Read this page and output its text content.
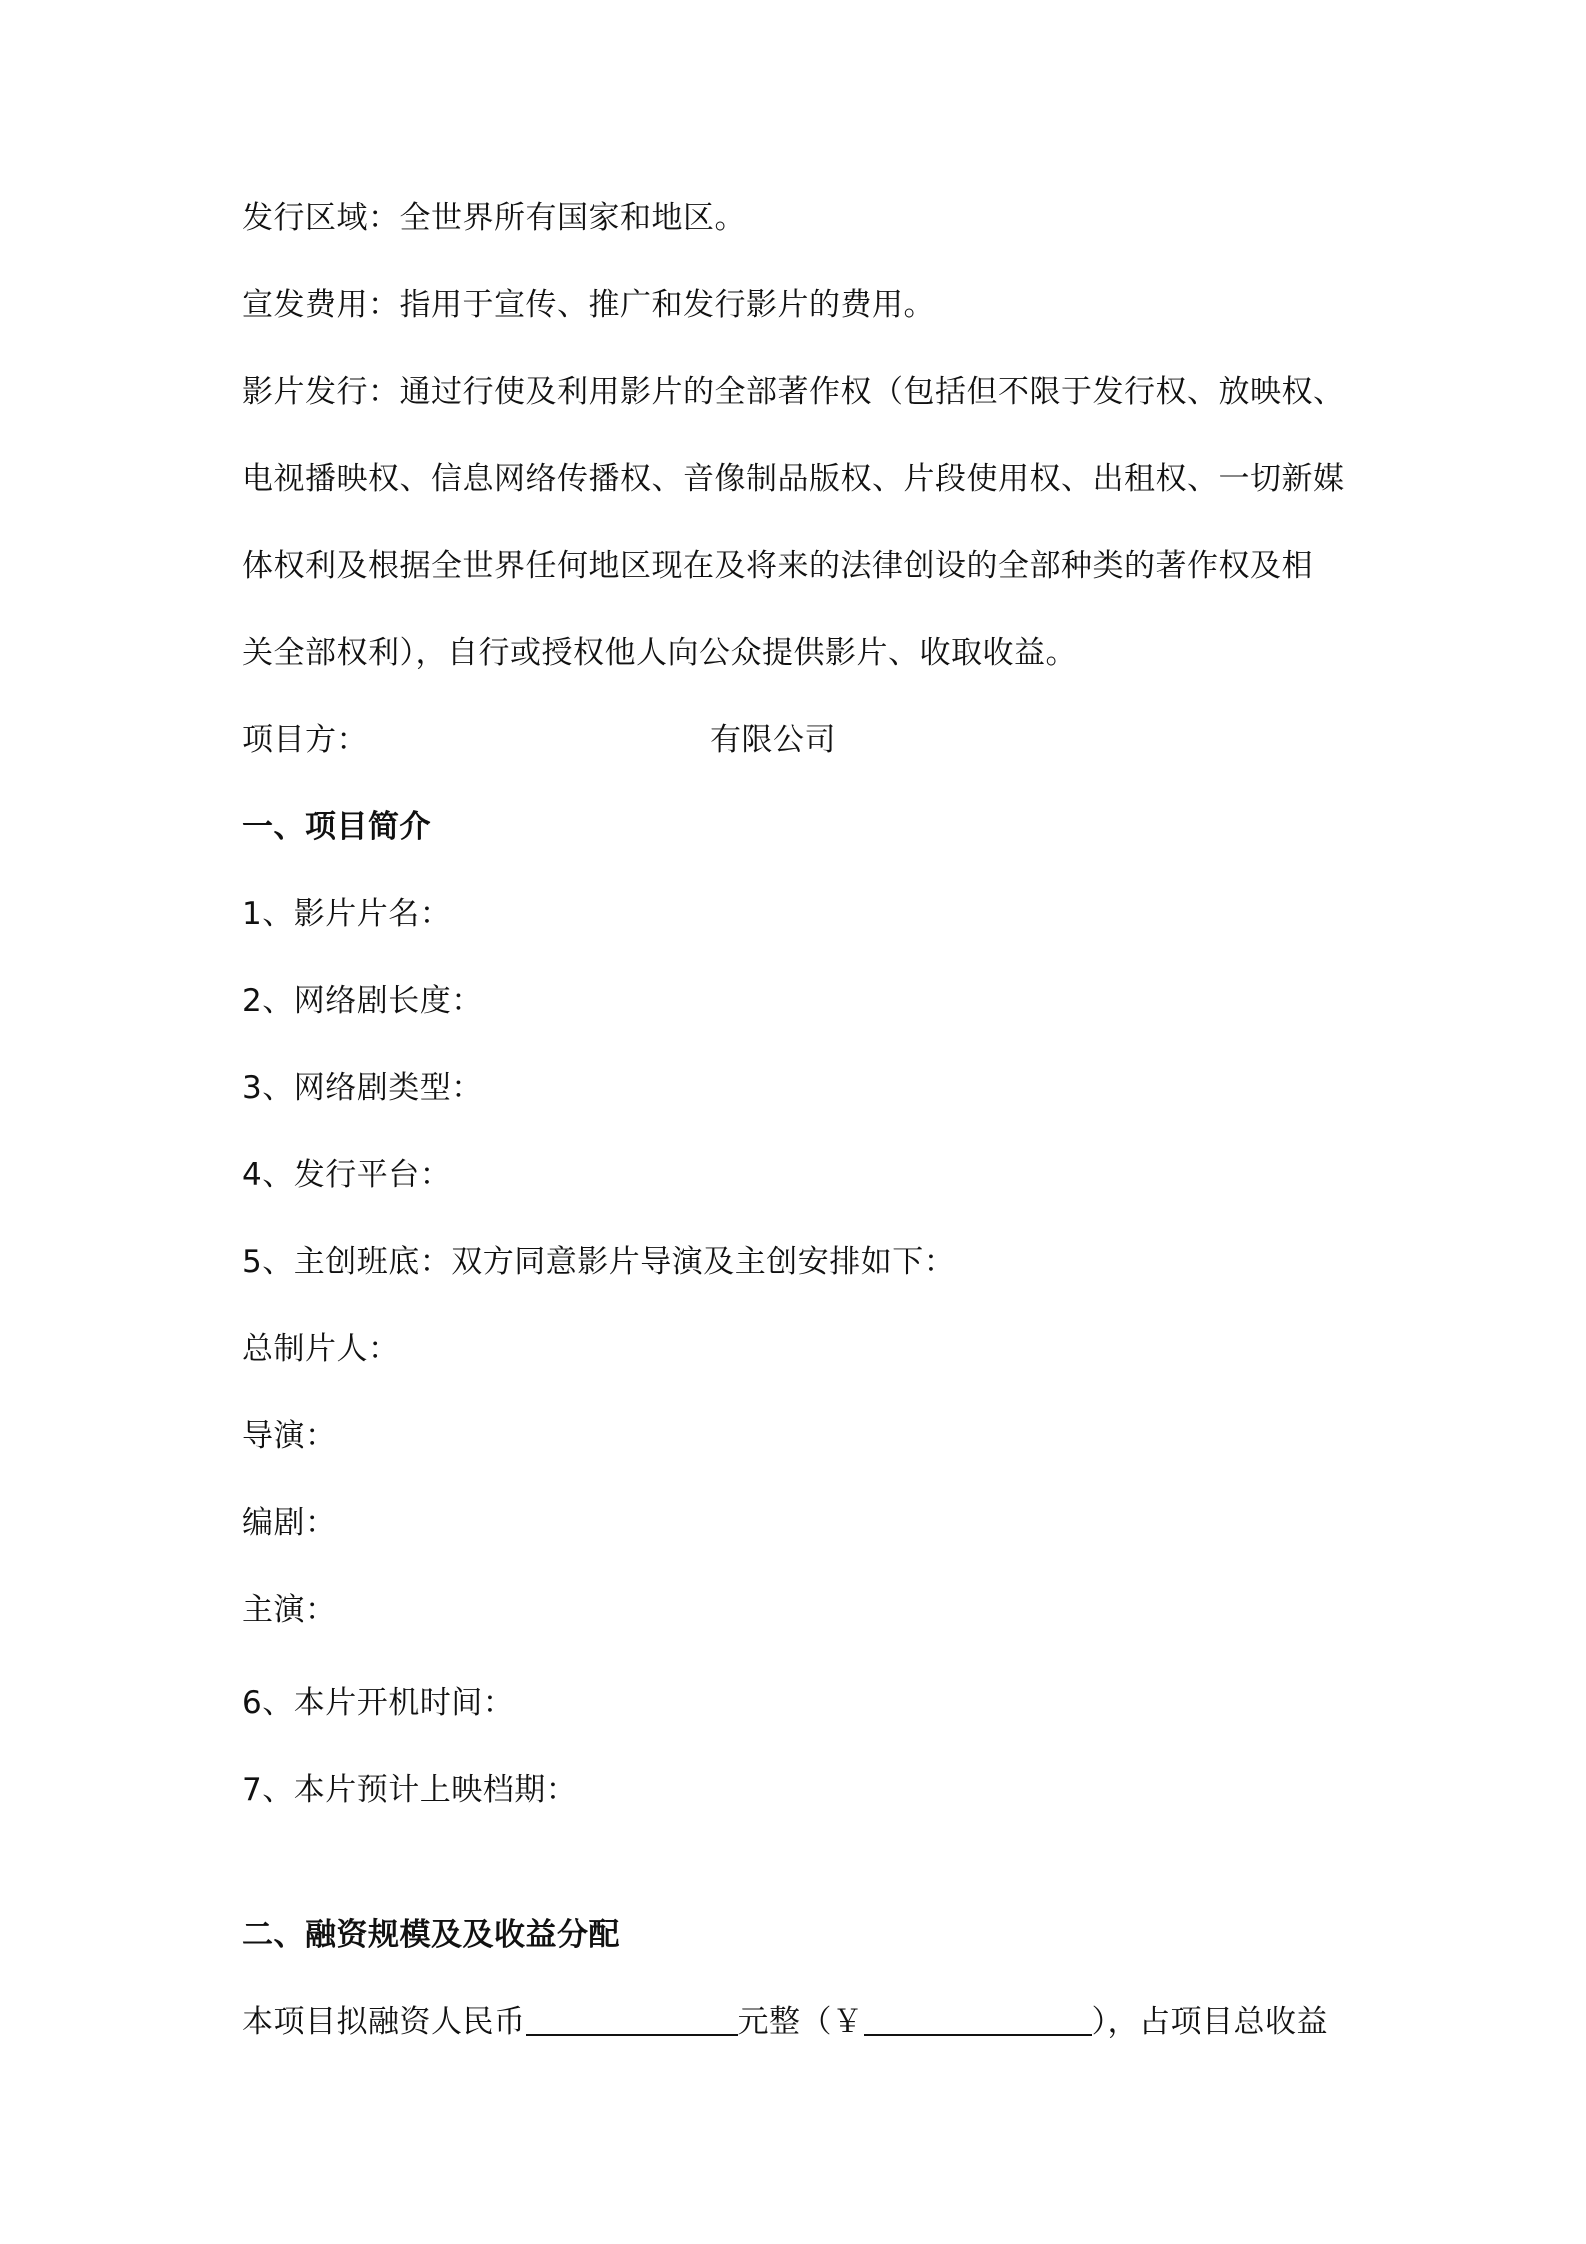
发行区域：全世界所有国家和地区。
宣发费用：指用于宣传、推广和发行影片的费用。
影片发行：通过行使及利用影片的全部著作权（包括但不限于发行权、放映权、
电视播映权、信息网络传播权、音像制品版权、片段使用权、出租权、一切新媒
体权利及根据全世界任何地区现在及将来的法律创设的全部种类的著作权及相
关全部权利），自行或授权他人向公众提供影片、收取收益。
项目方：	有限公司
一、项目简介
1、影片片名：
2、网络剧长度：
3、网络剧类型：
4、发行平台：
5、主创班底：双方同意影片导演及主创安排如下：
总制片人：
导演：
编剧：
主演：
6、本片开机时间：
7、本片预计上映档期：
二、融资规模及及收益分配
本项目拟融资人民币	元整（￥	），占项目总收益
